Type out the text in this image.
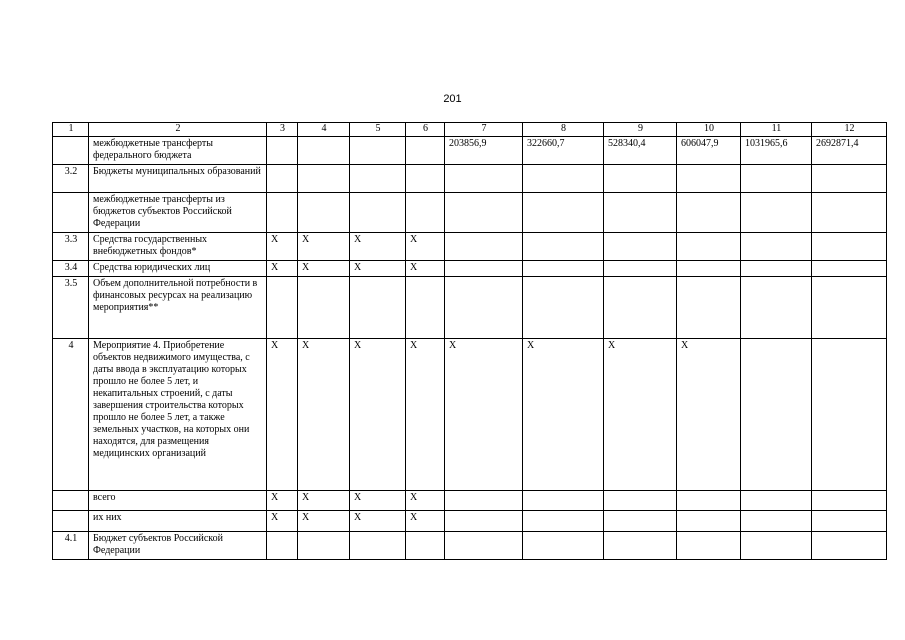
201
1	2	3	4	5	6	7	8	9	10	11	12
	межбюджетные трансферты федерального бюджета					203856,9	322660,7	528340,4	606047,9	1031965,6	2692871,4
3.2	Бюджеты муниципальных образований										
	межбюджетные трансферты из бюджетов субъектов Российской Федерации										
3.3	Средства государственных внебюджетных фондов*	X	X	X	X						
3.4	Средства юридических лиц	X	X	X	X						
3.5	Объем дополнительной потребности в финансовых ресурсах на реализацию мероприятия**										
4	Мероприятие 4. Приобретение объектов недвижимого имущества, с даты ввода в эксплуатацию которых прошло не более 5 лет, и некапитальных строений, с даты завершения строительства которых прошло не более 5 лет, а также земельных участков, на которых они находятся, для размещения медицинских организаций	X	X	X	X	X	X	X	X		
	всего	X	X	X	X						
	их них	X	X	X	X						
4.1	Бюджет субъектов Российской Федерации										
